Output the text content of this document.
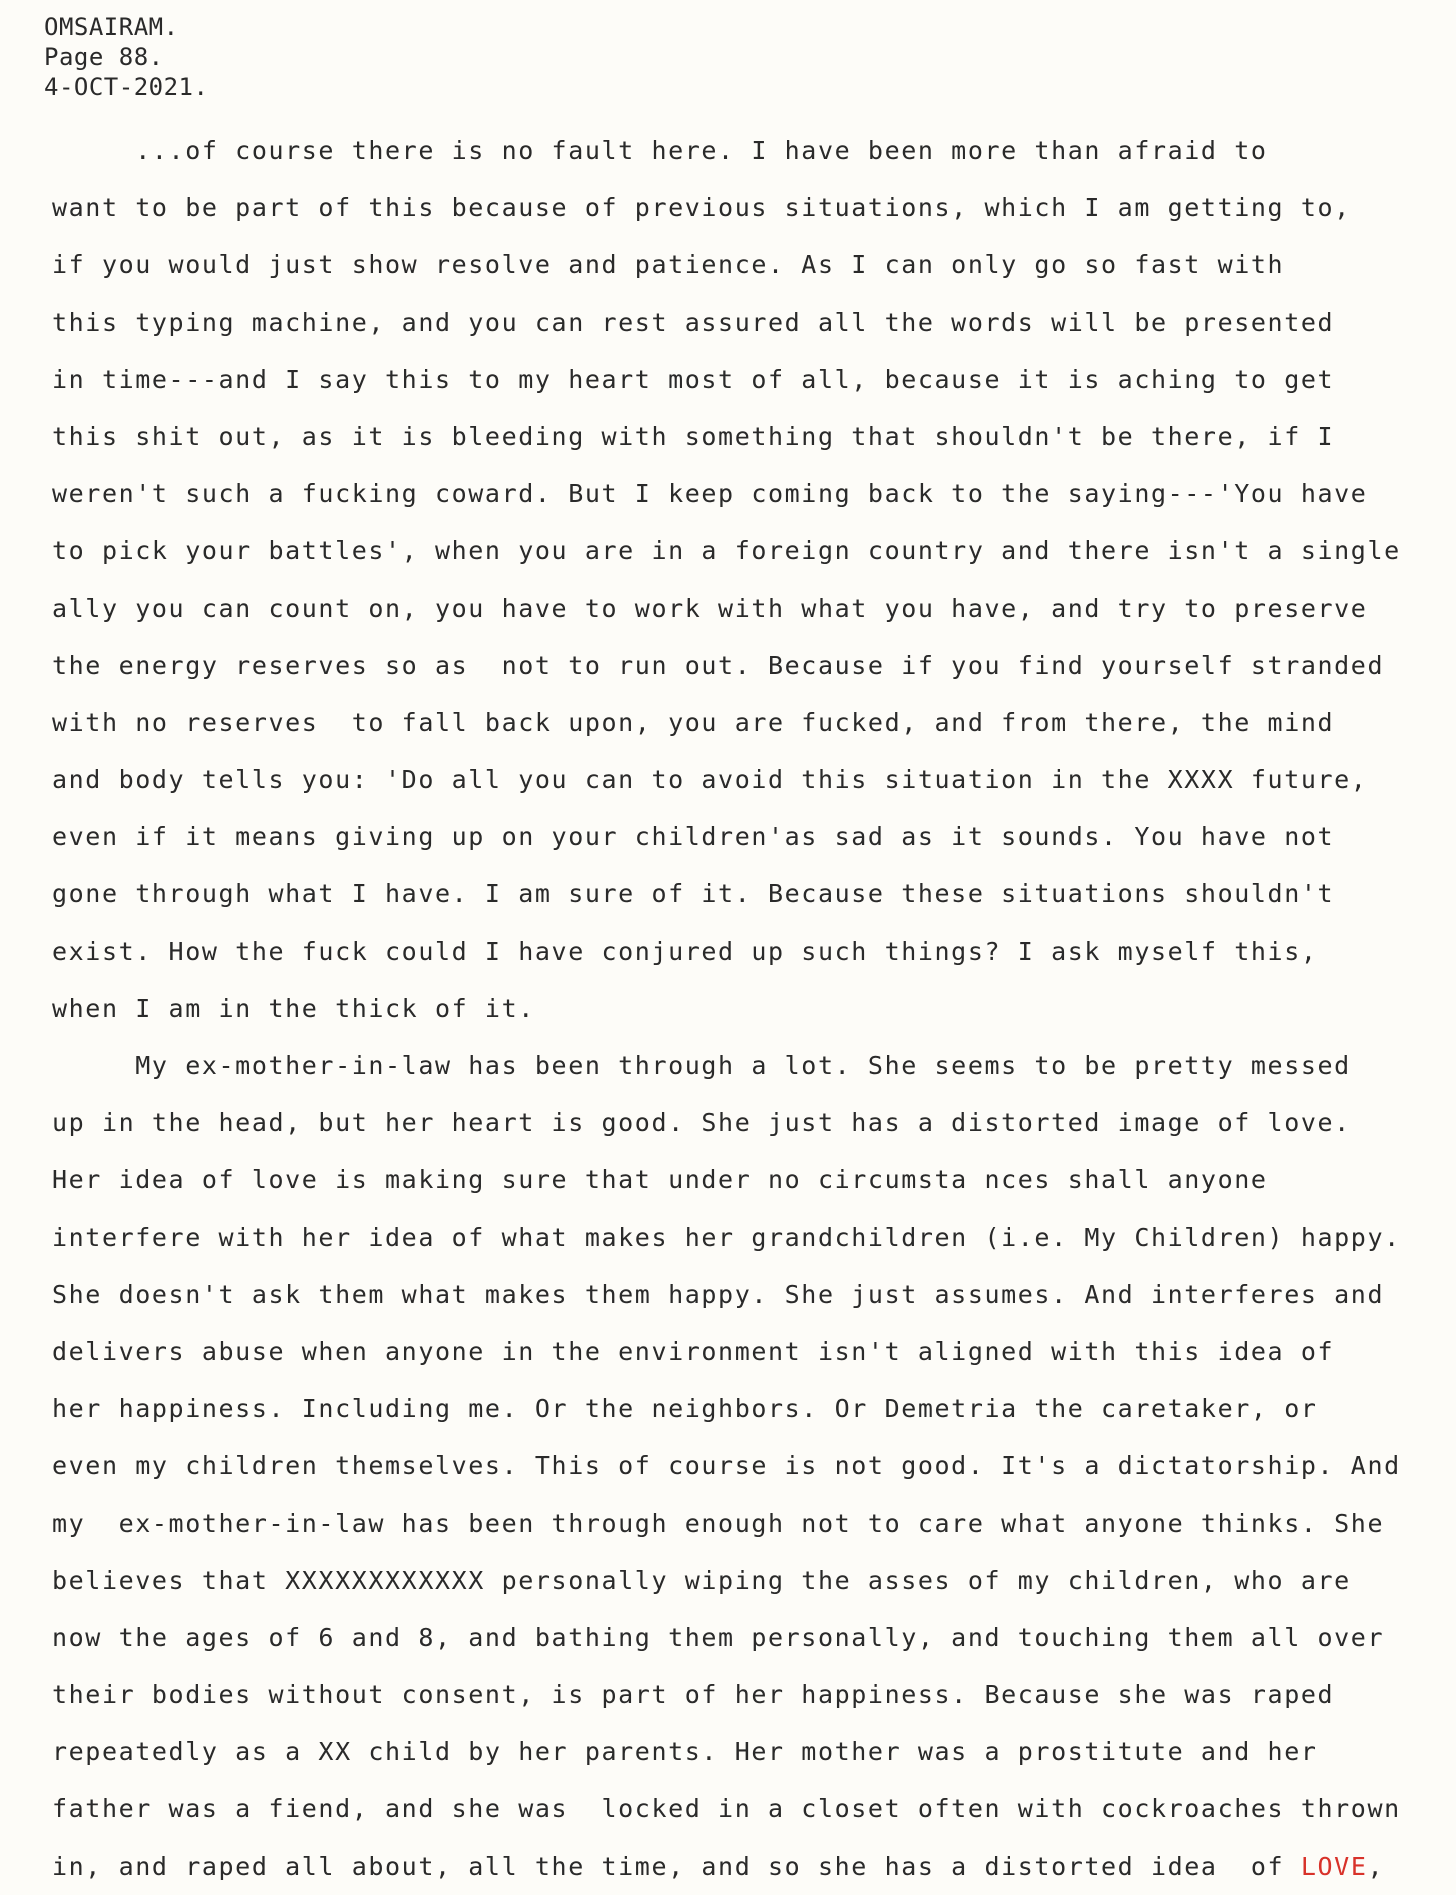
OMSAIRAM.
Page 88.
4-OCT-2021.
...of course there is no fault here. I have been more than afraid to
want to be part of this because of previous situations, which I am getting to,
if you would just show resolve and patience. As I can only go so fast with
this typing machine, and you can rest assured all the words will be presented
in time---and I say this to my heart most of all, because it is aching to get
this shit out, as it is bleeding with something that shouldn't be there, if I
weren't such a fucking coward. But I keep coming back to the saying---'You have
to pick your battles', when you are in a foreign country and there isn't a single
ally you can count on, you have to work with what you have, and try to preserve
the energy reserves so as  not to run out. Because if you find yourself stranded
with no reserves  to fall back upon, you are fucked, and from there, the mind
and body tells you: 'Do all you can to avoid this situation in the XXXX future,
even if it means giving up on your children'as sad as it sounds. You have not
gone through what I have. I am sure of it. Because these situations shouldn't
exist. How the fuck could I have conjured up such things? I ask myself this,
when I am in the thick of it.
My ex-mother-in-law has been through a lot. She seems to be pretty messed
up in the head, but her heart is good. She just has a distorted image of love.
Her idea of love is making sure that under no circumsta nces shall anyone
interfere with her idea of what makes her grandchildren (i.e. My Children) happy.
She doesn't ask them what makes them happy. She just assumes. And interferes and
delivers abuse when anyone in the environment isn't aligned with this idea of
her happiness. Including me. Or the neighbors. Or Demetria the caretaker, or
even my children themselves. This of course is not good. It's a dictatorship. And
my  ex-mother-in-law has been through enough not to care what anyone thinks. She
believes that XXXXXXXXXXXX personally wiping the asses of my children, who are
now the ages of 6 and 8, and bathing them personally, and touching them all over
their bodies without consent, is part of her happiness. Because she was raped
repeatedly as a XX child by her parents. Her mother was a prostitute and her
father was a fiend, and she was  locked in a closet often with cockroaches thrown
in, and raped all about, all the time, and so she has a distorted idea  of LOVE,
